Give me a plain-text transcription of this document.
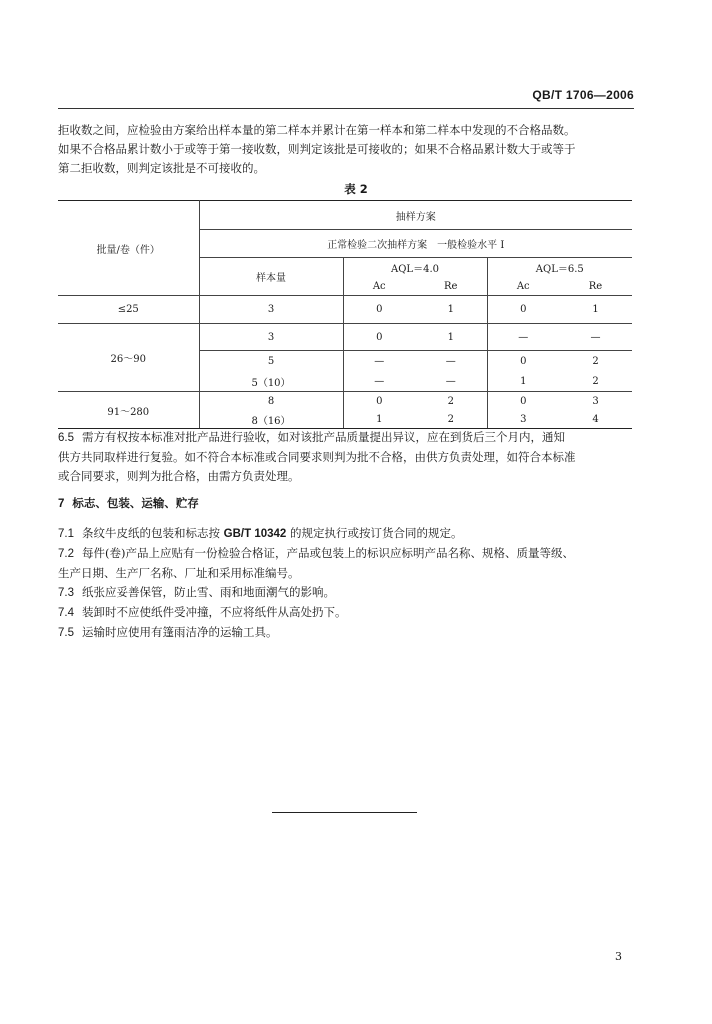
QB/T 1706—2006

拒收数之间，应检验由方案给出样本量的第二样本并累计在第一样本和第二样本中发现的不合格品数。

如果不合格品累计数小于或等于第一接收数，则判定该批是可接收的；如果不合格品累计数大于或等于

第二拒收数，则判定该批是不可接收的。

表 2
批量/卷（件）	抽样方案				
	正常检验二次抽样方案　一般检验水平 I				
	样本量	AQL＝4.0		AQL＝6.5	
		Ac	Re	Ac	Re
≤25	3	0	1	0	1
26～90	3	0	1	—	—
	5	—	—	0	2
	5（10）	—	—	1	2
91～280	8	0	2	0	3
	8（16）	1	2	3	4

6.5 需方有权按本标准对批产品进行验收，如对该批产品质量提出异议，应在到货后三个月内，通知

供方共同取样进行复验。如不符合本标准或合同要求则判为批不合格，由供方负责处理，如符合本标准

或合同要求，则判为批合格，由需方负责处理。

7 标志、包装、运输、贮存

7.1 条纹牛皮纸的包装和标志按 GB/T 10342 的规定执行或按订货合同的规定。

7.2 每件(卷)产品上应贴有一份检验合格证，产品或包装上的标识应标明产品名称、规格、质量等级、

生产日期、生产厂名称、厂址和采用标准编号。

7.3 纸张应妥善保管，防止雪、雨和地面潮气的影响。

7.4 装卸时不应使纸件受冲撞，不应将纸件从高处扔下。

7.5 运输时应使用有篷雨洁净的运输工具。

3
